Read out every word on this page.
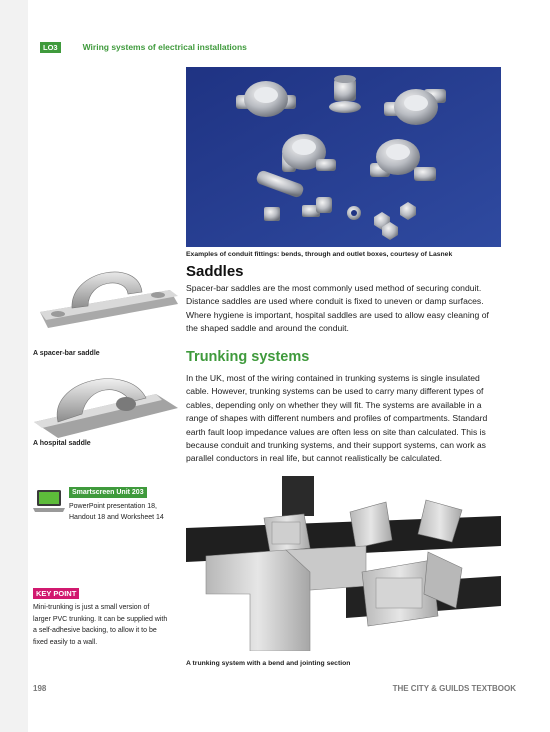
LO3	Wiring systems of electrical installations
Examples of conduit fittings: bends, through and outlet boxes, courtesy of Lasnek
Saddles
Spacer-bar saddles are the most commonly used method of securing conduit. Distance saddles are used where conduit is fixed to uneven or damp surfaces. Where hygiene is important, hospital saddles are used to allow easy cleaning of the shaped saddle and around the conduit.
A spacer-bar saddle	Trunking systems
In the UK, most of the wiring contained in trunking systems is single insulated cable. However, trunking systems can be used to carry many different types of cables, depending only on whether they will fit. The systems are available in a range of shapes with different numbers and profiles of compartments. Standard earth fault loop impedance values are often less on site than calculated. This is because conduit and trunking systems, and their support systems, can work as parallel conductors in real life, but cannot realistically be calculated.
A hospital saddle
Smartscreen Unit 203
PowerPoint presentation 18, Handout 18 and Worksheet 14
KEY POINT
Mini-trunking is just a small version of larger PVC trunking. It can be supplied with a self-adhesive backing, to allow it to be fixed easily to a wall.
A trunking system with a bend and jointing section
198	THE CITY & GUILDS TEXTBOOK
